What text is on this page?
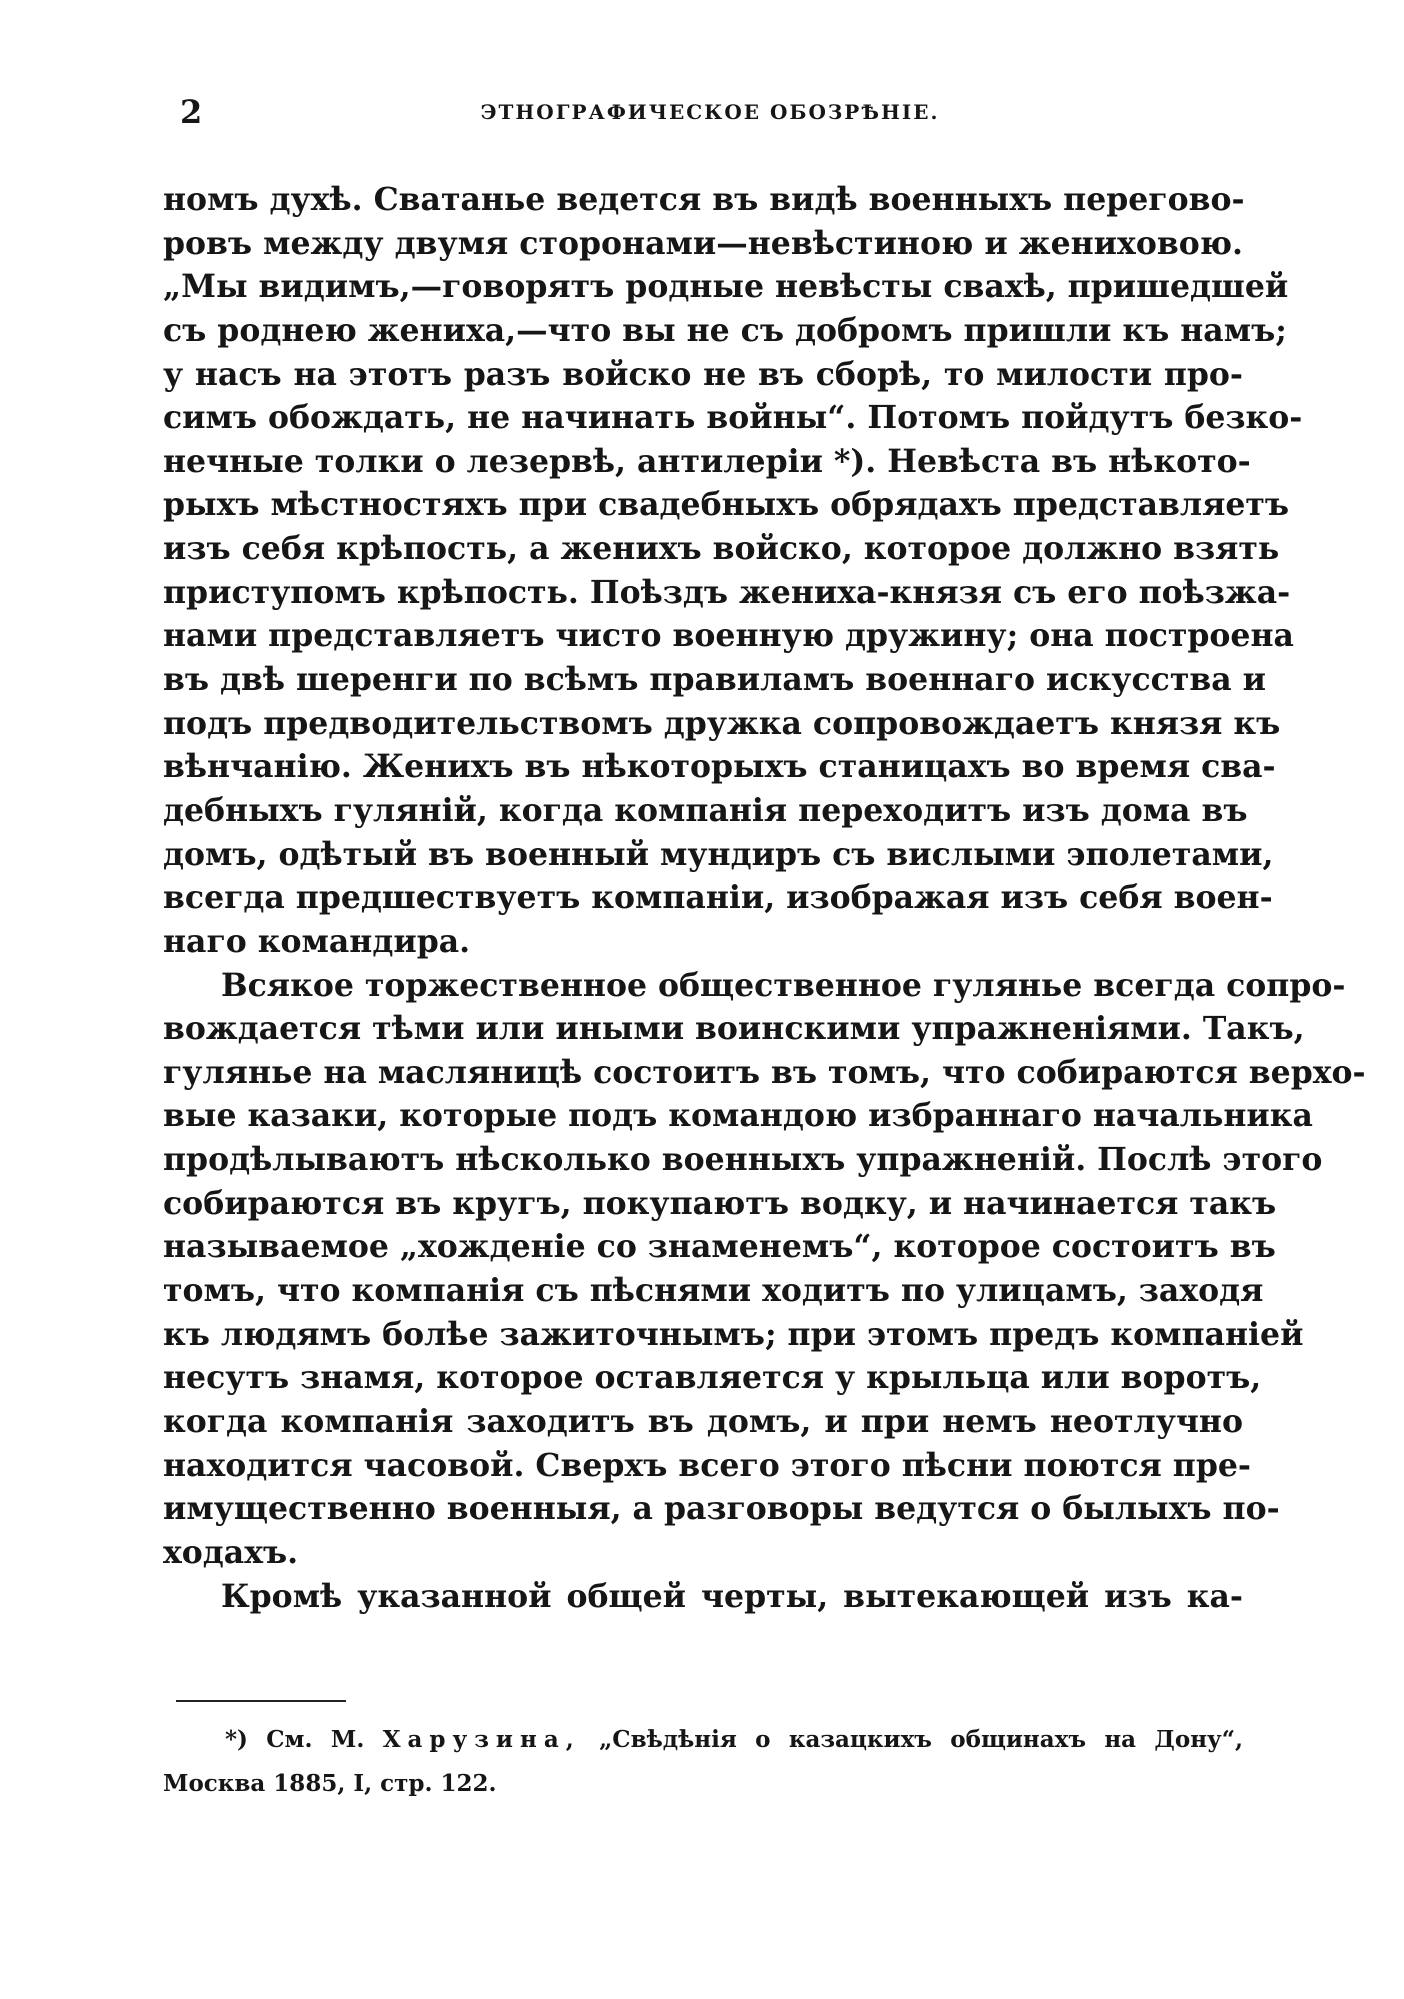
2	ЭТНОГРАФИЧЕСКОЕ ОБОЗРѢНІЕ.
номъ духѣ. Сватанье ведется въ видѣ военныхъ перегово-
ровъ между двумя сторонами—невѣстиною и жениховою.
„Мы видимъ,—говорятъ родные невѣсты свахѣ, пришедшей
съ роднею жениха,—что вы не съ добромъ пришли къ намъ;
у насъ на этотъ разъ войско не въ сборѣ, то милости про-
симъ обождать, не начинать войны“. Потомъ пойдутъ безко-
нечные толки о лезервѣ, антилеріи *). Невѣста въ нѣкото-
рыхъ мѣстностяхъ при свадебныхъ обрядахъ представляетъ
изъ себя крѣпость, а женихъ войско, которое должно взять
приступомъ крѣпость. Поѣздъ жениха-князя съ его поѣзжа-
нами представляетъ чисто военную дружину; она построена
въ двѣ шеренги по всѣмъ правиламъ военнаго искусства и
подъ предводительствомъ дружка сопровождаетъ князя къ
вѣнчанію. Женихъ въ нѣкоторыхъ станицахъ во время сва-
дебныхъ гуляній, когда компанія переходитъ изъ дома въ
домъ, одѣтый въ военный мундиръ съ вислыми эполетами,
всегда предшествуетъ компаніи, изображая изъ себя воен-
наго командира.
Всякое торжественное общественное гулянье всегда сопро-
вождается тѣми или иными воинскими упражненіями. Такъ,
гулянье на масляницѣ состоитъ въ томъ, что собираются верхо-
вые казаки, которые подъ командою избраннаго начальника
продѣлываютъ нѣсколько военныхъ упражненій. Послѣ этого
собираются въ кругъ, покупаютъ водку, и начинается такъ
называемое „хожденіе со знаменемъ“, которое состоитъ въ
томъ, что компанія съ пѣснями ходитъ по улицамъ, заходя
къ людямъ болѣе зажиточнымъ; при этомъ предъ компаніей
несутъ знамя, которое оставляется у крыльца или воротъ,
когда компанія заходитъ въ домъ, и при немъ неотлучно
находится часовой. Сверхъ всего этого пѣсни поются пре-
имущественно военныя, а разговоры ведутся о былыхъ по-
ходахъ.
Кромѣ указанной общей черты, вытекающей изъ ка-
*) См. М. Харузина, „Свѣдѣнія о казацкихъ общинахъ на Дону“,
Москва 1885, I, стр. 122.
